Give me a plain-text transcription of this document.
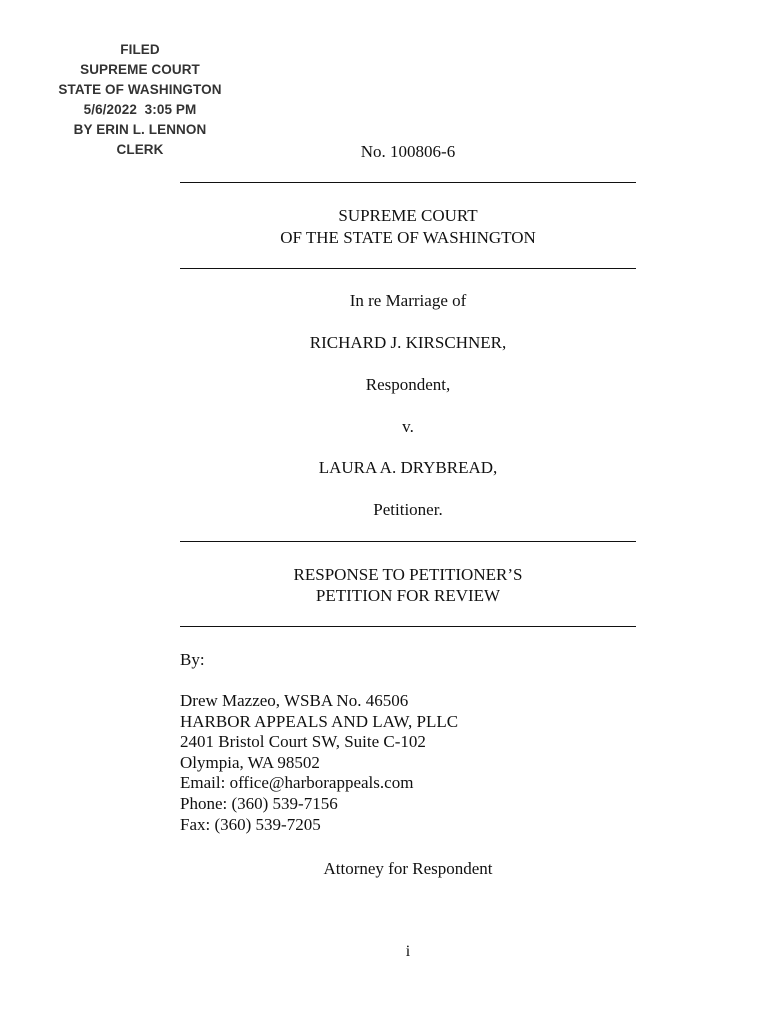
FILED
SUPREME COURT
STATE OF WASHINGTON
5/6/2022  3:05 PM
BY ERIN L. LENNON
CLERK	No. 100806-6
SUPREME COURT
OF THE STATE OF WASHINGTON
In re Marriage of
RICHARD J. KIRSCHNER,
Respondent,
v.
LAURA A. DRYBREAD,
Petitioner.
RESPONSE TO PETITIONER’S
PETITION FOR REVIEW
By:
Drew Mazzeo, WSBA No. 46506
HARBOR APPEALS AND LAW, PLLC
2401 Bristol Court SW, Suite C-102
Olympia, WA 98502
Email: office@harborappeals.com
Phone: (360) 539-7156
Fax: (360) 539-7205
Attorney for Respondent
i
